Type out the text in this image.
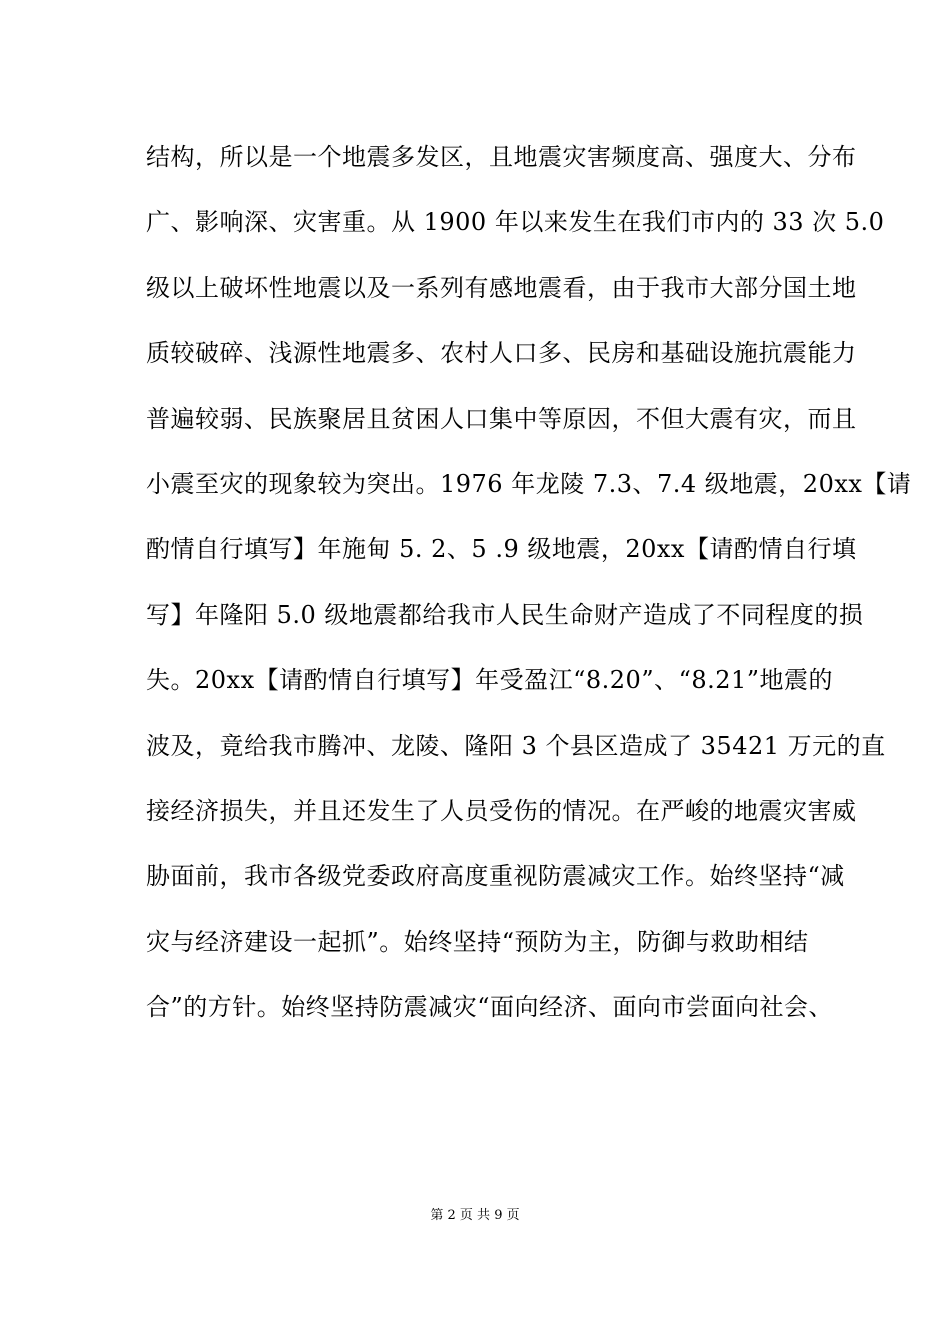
结构，所以是一个地震多发区，且地震灾害频度高、强度大、分布
广、影响深、灾害重。从 1900 年以来发生在我们市内的 33 次 5.0
级以上破坏性地震以及一系列有感地震看，由于我市大部分国土地
质较破碎、浅源性地震多、农村人口多、民房和基础设施抗震能力
普遍较弱、民族聚居且贫困人口集中等原因，不但大震有灾，而且
小震至灾的现象较为突出。1976 年龙陵 7.3、7.4 级地震，20xx【请
酌情自行填写】年施甸 5. 2、5 .9 级地震，20xx【请酌情自行填
写】年隆阳 5.0 级地震都给我市人民生命财产造成了不同程度的损
失。20xx【请酌情自行填写】年受盈江“8.20”、“8.21”地震的
波及，竟给我市腾冲、龙陵、隆阳 3 个县区造成了 35421 万元的直
接经济损失，并且还发生了人员受伤的情况。在严峻的地震灾害威
胁面前，我市各级党委政府高度重视防震减灾工作。始终坚持“减
灾与经济建设一起抓”。始终坚持“预防为主，防御与救助相结
合”的方针。始终坚持防震减灾“面向经济、面向市尝面向社会、
第 2 页 共 9 页
